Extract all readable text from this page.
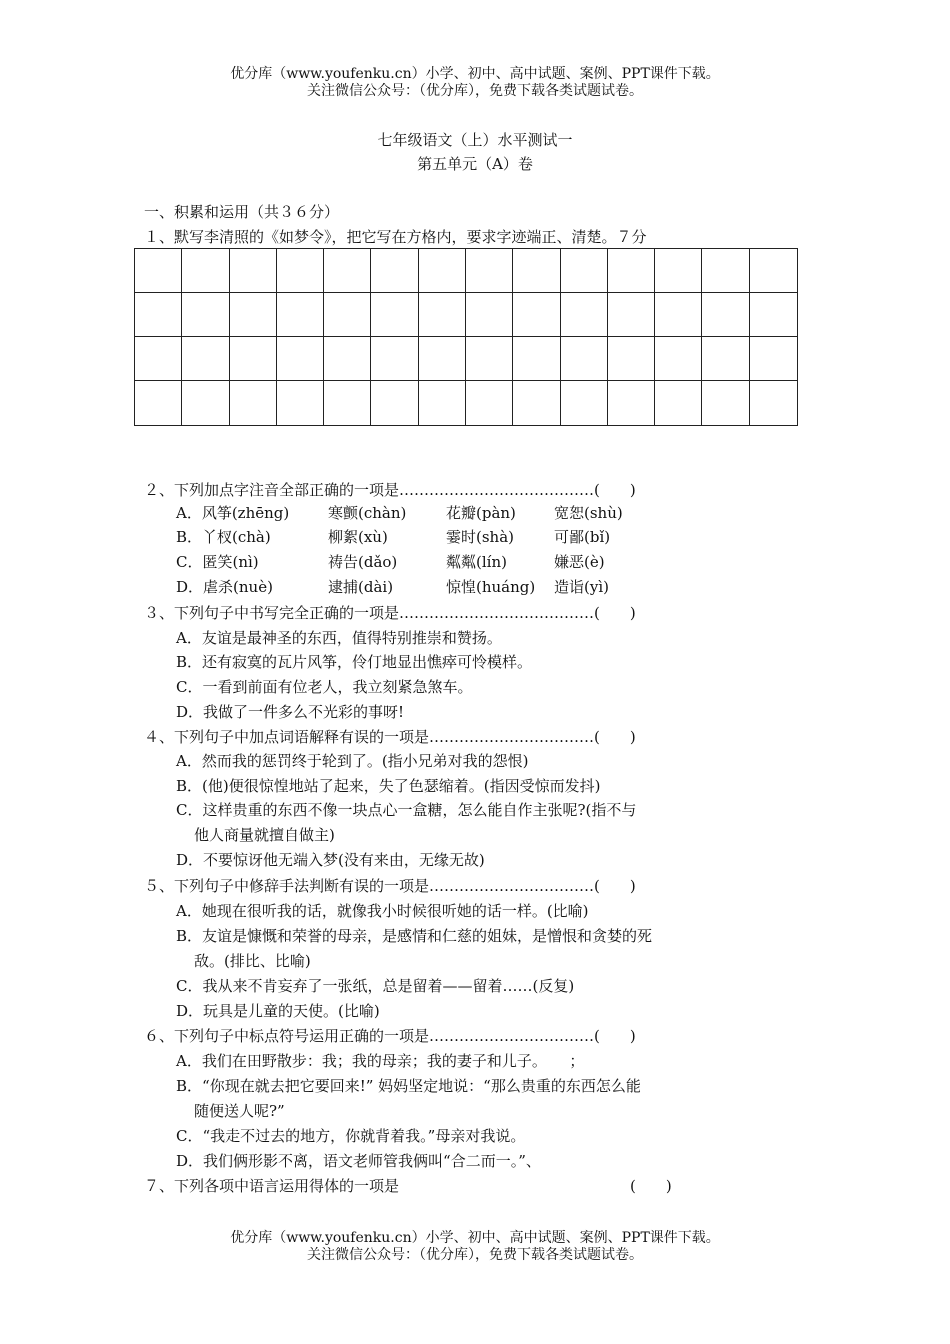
优分库（www.youfenku.cn）小学、初中、高中试题、案例、PPT课件下载。
关注微信公众号：（优分库），免费下载各类试题试卷。
七年级语文（上）水平测试一
第五单元（A）卷
一、积累和运用（共３６分）
１、默写李清照的《如梦令》，把它写在方格内，要求字迹端正、清楚。７分
２、下列加点字注音全部正确的一项是…………………………………(　　)
A．风筝(zhēng)	寒颤(chàn)	花瓣(pàn)	宽恕(shù)
B．丫杈(chà)	柳絮(xù)	霎时(shà)	可鄙(bǐ)
C．匿笑(nì)	祷告(dǎo)	粼粼(lín)	嫌恶(è)
D．虐杀(nuè)	逮捕(dài)	惊惶(huáng) 造诣(yì)
３、下列句子中书写完全正确的一项是…………………………………(　　)
A．友谊是最神圣的东西，值得特别推崇和赞扬。
B．还有寂寞的瓦片风筝，伶仃地显出憔瘁可怜模样。
C．一看到前面有位老人，我立刻紧急煞车。
D．我做了一件多么不光彩的事呀!
４、下列句子中加点词语解释有误的一项是……………………………(　　)
A．然而我的惩罚终于轮到了。(指小兄弟对我的怨恨)
B．(他)便很惊惶地站了起来，失了色瑟缩着。(指因受惊而发抖)
C．这样贵重的东西不像一块点心一盒糖，怎么能自作主张呢?(指不与
他人商量就擅自做主)
D．不要惊讶他无端入梦(没有来由，无缘无故)
５、下列句子中修辞手法判断有误的一项是……………………………(　　)
A．她现在很听我的话，就像我小时候很听她的话一样。(比喻)
B．友谊是慷慨和荣誉的母亲，是感情和仁慈的姐妹，是憎恨和贪婪的死
敌。(排比、比喻)
C．我从来不肯妄弃了一张纸，总是留着——留着……(反复)
D．玩具是儿童的天使。(比喻)
６、下列句子中标点符号运用正确的一项是……………………………(　　)
A．我们在田野散步：我；我的母亲；我的妻子和儿子。　　；
B．“你现在就去把它要回来!” 妈妈坚定地说：“那么贵重的东西怎么能
随便送人呢?”
C．“我走不过去的地方，你就背着我。”母亲对我说。
D．我们俩形影不离，语文老师管我俩叫“合二而一。”、
７、下列各项中语言运用得体的一项是	(　　)
优分库（www.youfenku.cn）小学、初中、高中试题、案例、PPT课件下载。
关注微信公众号：（优分库），免费下载各类试题试卷。
